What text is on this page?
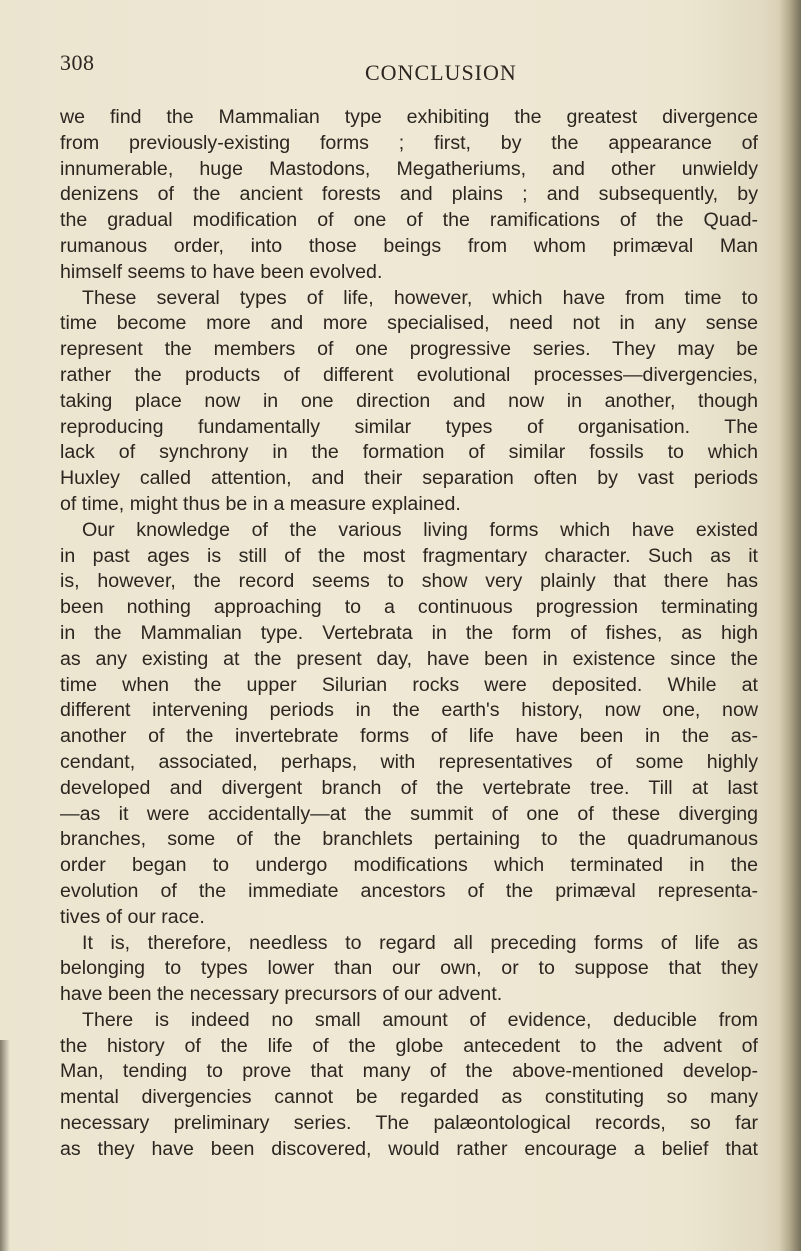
308	CONCLUSION
we find the Mammalian type exhibiting the greatest divergence
from previously-existing forms ; first, by the appearance of
innumerable, huge Mastodons, Megatheriums, and other unwieldy
denizens of the ancient forests and plains ; and subsequently, by
the gradual modification of one of the ramifications of the Quad-
rumanous order, into those beings from whom primæval Man
himself seems to have been evolved.
These several types of life, however, which have from time to
time become more and more specialised, need not in any sense
represent the members of one progressive series. They may be
rather the products of different evolutional processes—divergencies,
taking place now in one direction and now in another, though
reproducing fundamentally similar types of organisation. The
lack of synchrony in the formation of similar fossils to which
Huxley called attention, and their separation often by vast periods
of time, might thus be in a measure explained.
Our knowledge of the various living forms which have existed
in past ages is still of the most fragmentary character. Such as it
is, however, the record seems to show very plainly that there has
been nothing approaching to a continuous progression terminating
in the Mammalian type. Vertebrata in the form of fishes, as high
as any existing at the present day, have been in existence since the
time when the upper Silurian rocks were deposited. While at
different intervening periods in the earth's history, now one, now
another of the invertebrate forms of life have been in the as-
cendant, associated, perhaps, with representatives of some highly
developed and divergent branch of the vertebrate tree. Till at last
—as it were accidentally—at the summit of one of these diverging
branches, some of the branchlets pertaining to the quadrumanous
order began to undergo modifications which terminated in the
evolution of the immediate ancestors of the primæval representa-
tives of our race.
It is, therefore, needless to regard all preceding forms of life as
belonging to types lower than our own, or to suppose that they
have been the necessary precursors of our advent.
There is indeed no small amount of evidence, deducible from
the history of the life of the globe antecedent to the advent of
Man, tending to prove that many of the above-mentioned develop-
mental divergencies cannot be regarded as constituting so many
necessary preliminary series. The palæontological records, so far
as they have been discovered, would rather encourage a belief that
